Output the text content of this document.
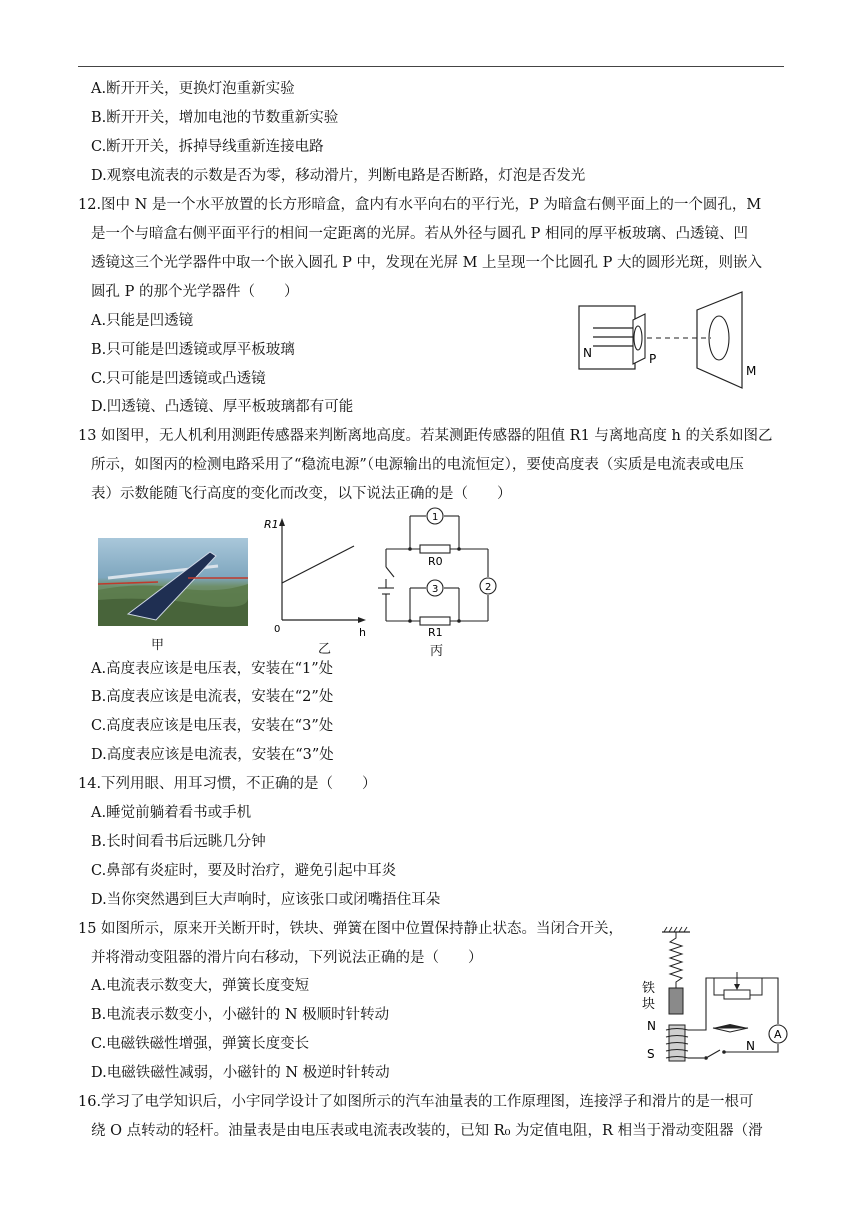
A.断开开关，更换灯泡重新实验
B.断开开关，增加电池的节数重新实验
C.断开开关，拆掉导线重新连接电路
D.观察电流表的示数是否为零，移动滑片，判断电路是否断路，灯泡是否发光
12.图中 N 是一个水平放置的长方形暗盒，盒内有水平向右的平行光，P 为暗盒右侧平面上的一个圆孔，M
是一个与暗盒右侧平面平行的相间一定距离的光屏。若从外径与圆孔 P 相同的厚平板玻璃、凸透镜、凹
透镜这三个光学器件中取一个嵌入圆孔 P 中，发现在光屏 M 上呈现一个比圆孔 P 大的圆形光斑，则嵌入
圆孔 P 的那个光学器件（　　）
A.只能是凹透镜
B.只可能是凹透镜或厚平板玻璃
C.只可能是凹透镜或凸透镜
D.凹透镜、凸透镜、厚平板玻璃都有可能
N	P
M
13 如图甲，无人机利用测距传感器来判断离地高度。若某测距传感器的阻值 R1 与离地高度 h 的关系如图乙
所示，如图丙的检测电路采用了“稳流电源”（电源输出的电流恒定），要使高度表（实质是电流表或电压
表）示数能随飞行高度的变化而改变，以下说法正确的是（　　）
甲
R1
h
0
乙
1
2
3
R0
R1
丙
A.高度表应该是电压表，安装在“1”处
B.高度表应该是电流表，安装在“2”处
C.高度表应该是电压表，安装在“3”处
D.高度表应该是电流表，安装在“3”处
14.下列用眼、用耳习惯，不正确的是（　　）
A.睡觉前躺着看书或手机
B.长时间看书后远眺几分钟
C.鼻部有炎症时，要及时治疗，避免引起中耳炎
D.当你突然遇到巨大声响时，应该张口或闭嘴捂住耳朵
15 如图所示，原来开关断开时，铁块、弹簧在图中位置保持静止状态。当闭合开关，
并将滑动变阻器的滑片向右移动，下列说法正确的是（　　）
A.电流表示数变大，弹簧长度变短
B.电流表示数变小，小磁针的 N 极顺时针转动
C.电磁铁磁性增强，弹簧长度变长
D.电磁铁磁性减弱，小磁针的 N 极逆时针转动
A
铁
块
N
S
N
16.学习了电学知识后，小宇同学设计了如图所示的汽车油量表的工作原理图，连接浮子和滑片的是一根可
绕 O 点转动的轻杆。油量表是由电压表或电流表改装的，已知 R₀ 为定值电阻，R 相当于滑动变阻器（滑
